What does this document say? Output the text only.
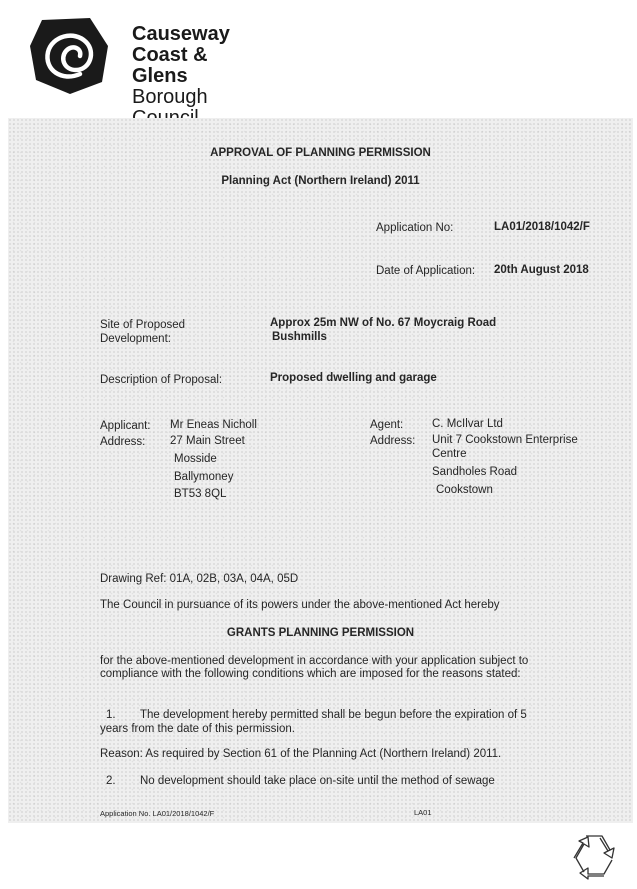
Causeway
Coast & Glens
Borough
APPROVAL OF PLANNING PERMISSION
Planning Act (Northern Ireland) 2011
Application No:	LA01/2018/1042/F
Date of Application: 20th August 2018
Site of Proposed
Development:
Approx 25m NW of No. 67 Moycraig Road
Bushmills
Description of Proposal:	Proposed dwelling and garage
Applicant: Mr Eneas Nicholl
Address: 27 Main Street
Mosside
Ballymoney
BT53 8QL
Agent:	C. McIlvar Ltd
Address: Unit 7 Cookstown Enterprise
Centre
Sandholes Road
Cookstown
Drawing Ref: 01A, 02B, 03A, 04A, 05D
The Council in pursuance of its powers under the above-mentioned Act hereby
GRANTS PLANNING PERMISSION
for the above-mentioned development in accordance with your application subject to compliance with the following conditions which are imposed for the reasons stated:
1. The development hereby permitted shall be begun before the expiration of 5
years from the date of this permission.
Reason: As required by Section 61 of the Planning Act (Northern Ireland) 2011.
2. No development should take place on-site until the method of sewage
Application No. LA01/2018/1042/F	LA01
